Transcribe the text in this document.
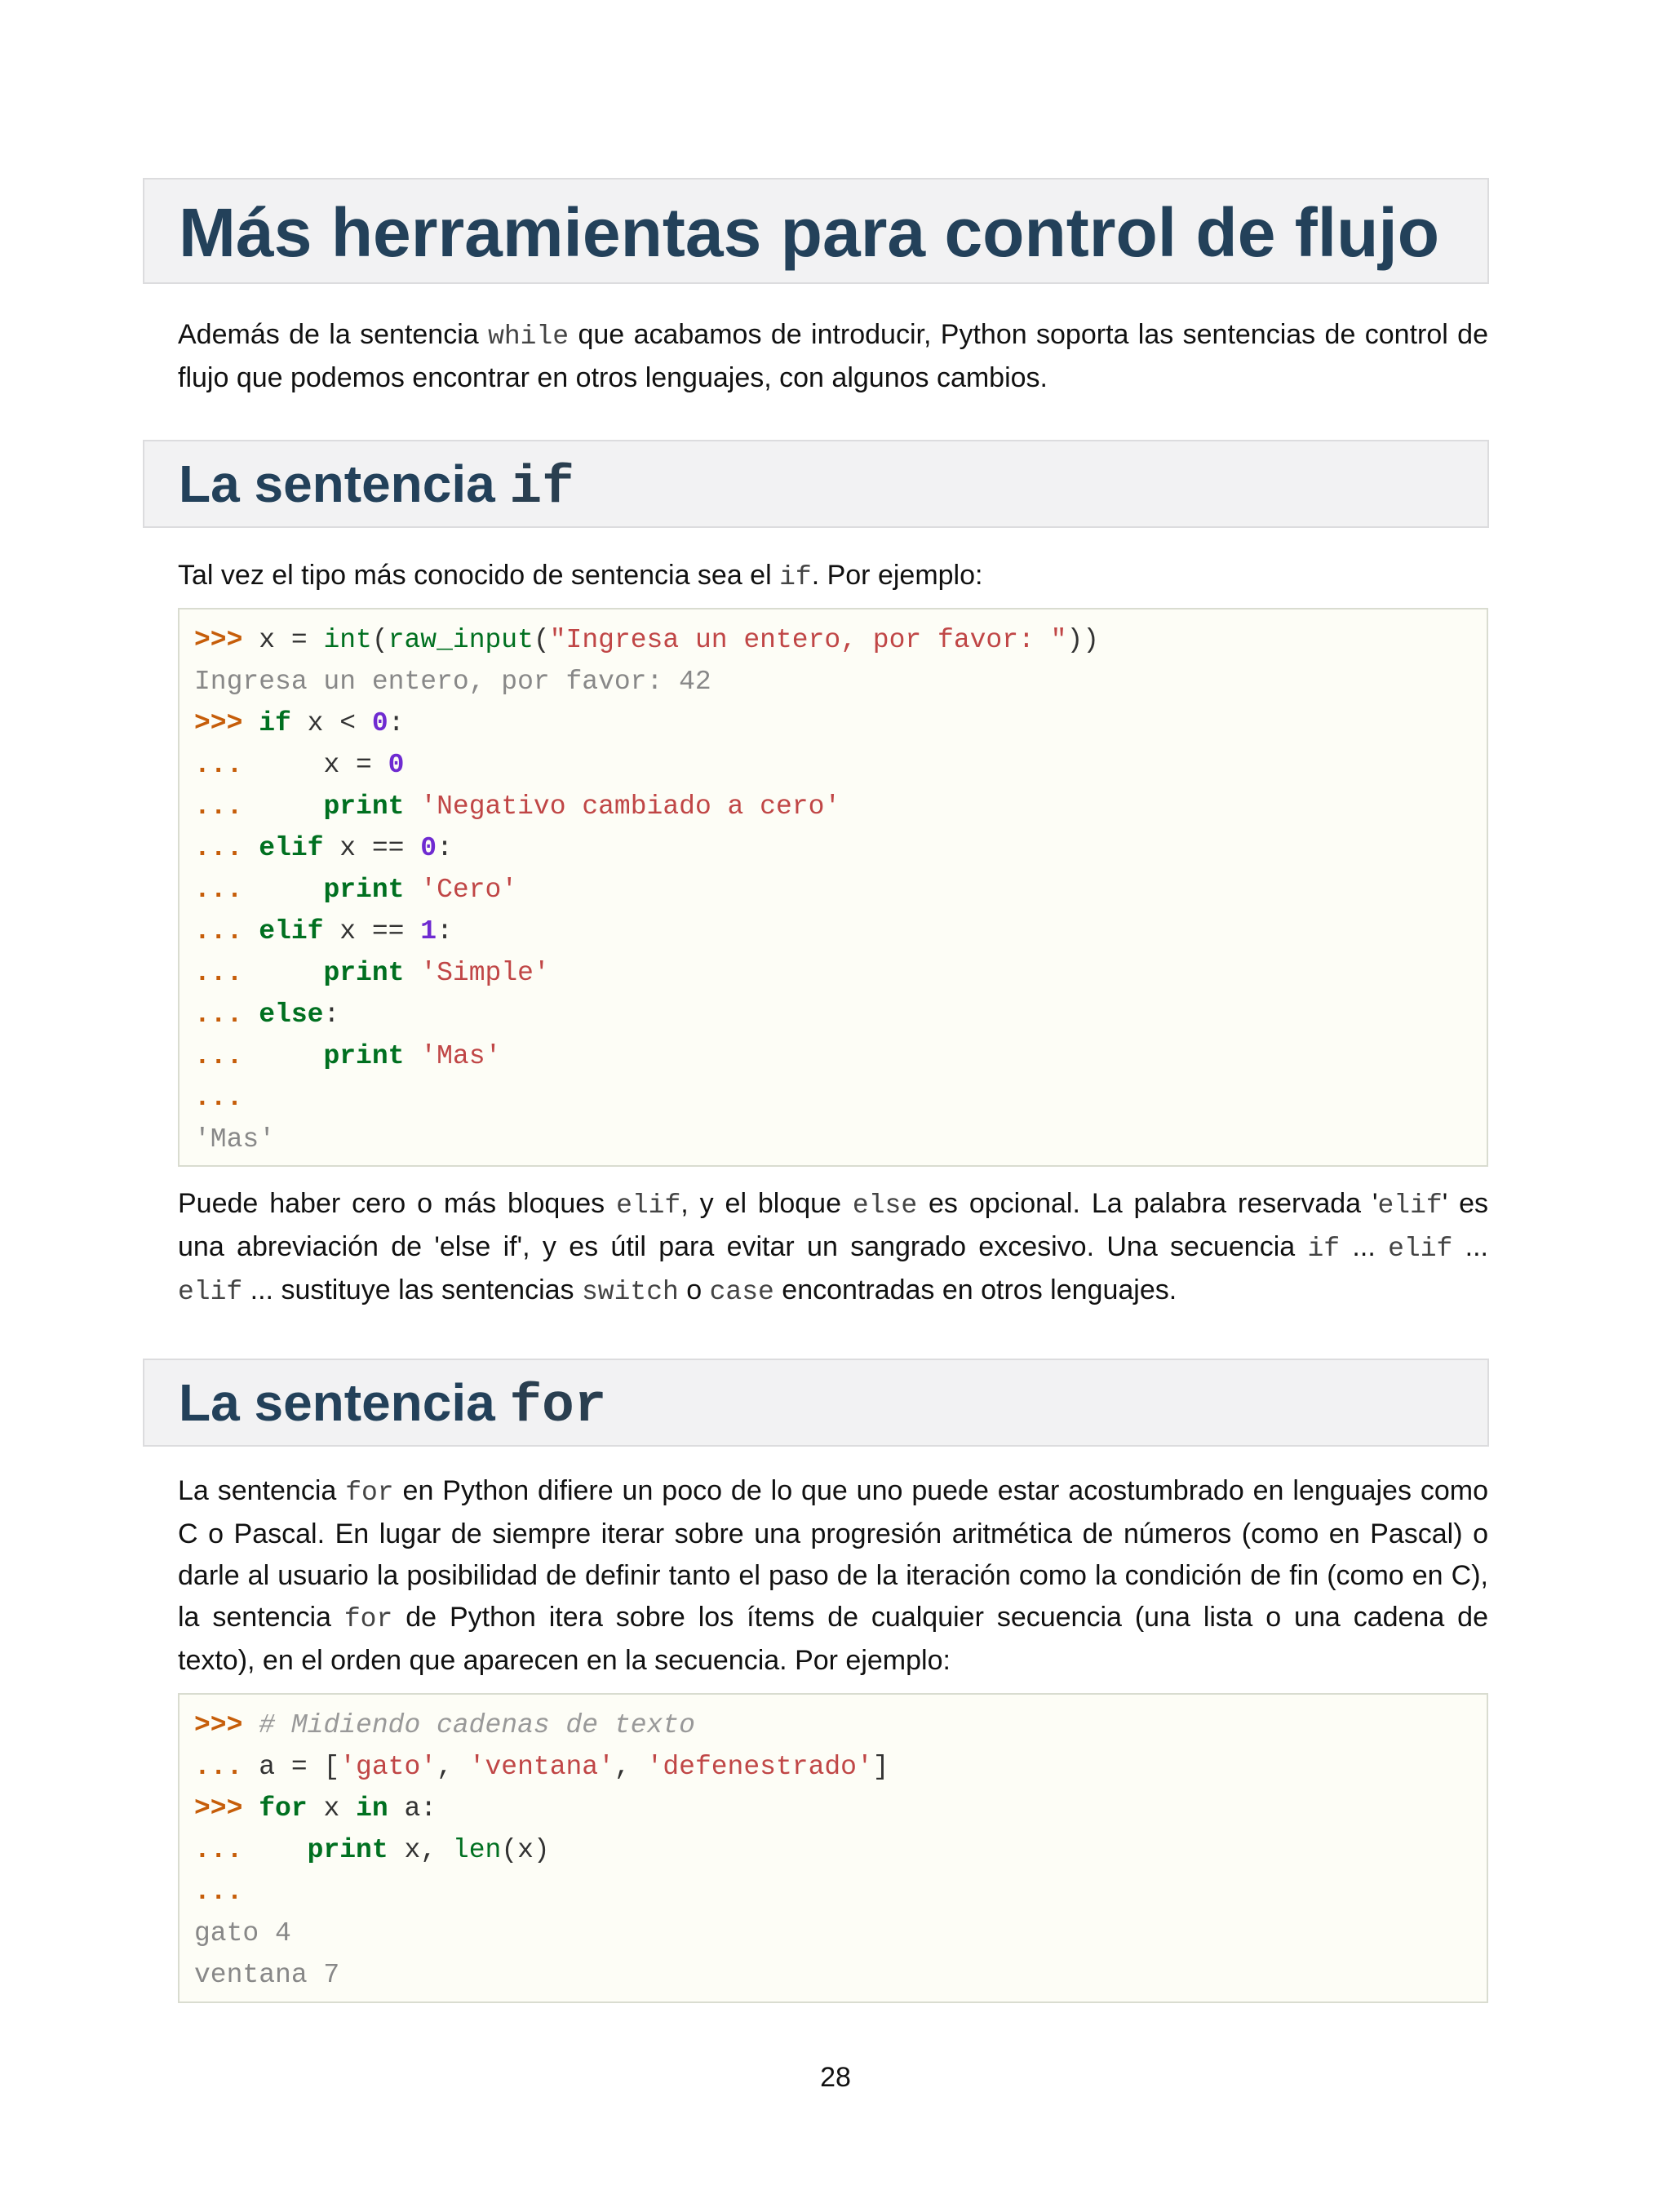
Más herramientas para control de flujo
Además de la sentencia while que acabamos de introducir, Python soporta las sentencias de control de
flujo que podemos encontrar en otros lenguajes, con algunos cambios.
La sentencia if
Tal vez el tipo más conocido de sentencia sea el if. Por ejemplo:
>>> x = int(raw_input("Ingresa un entero, por favor: "))
Ingresa un entero, por favor: 42
>>> if x < 0:
...     x = 0
...	print 'Negativo cambiado a cero'
... elif x == 0:
...	print 'Cero'
... elif x == 1:
...	print 'Simple'
... else:
...	print 'Mas'
...
'Mas'
Puede haber cero o más bloques elif, y el bloque else es opcional. La palabra reservada 'elif' es
una abreviación de 'else if', y es útil para evitar un sangrado excesivo. Una secuencia if ... elif ...
elif ... sustituye las sentencias switch o case encontradas en otros lenguajes.
La sentencia for
La sentencia for en Python difiere un poco de lo que uno puede estar acostumbrado en lenguajes como
C o Pascal. En lugar de siempre iterar sobre una progresión aritmética de números (como en Pascal) o
darle al usuario la posibilidad de definir tanto el paso de la iteración como la condición de fin (como en C),
la sentencia for de Python itera sobre los ítems de cualquier secuencia (una lista o una cadena de
texto), en el orden que aparecen en la secuencia. Por ejemplo:
>>> # Midiendo cadenas de texto
... a = ['gato', 'ventana', 'defenestrado']
>>> for x in a:
... print x, len(x)
...
gato 4
ventana 7
28
